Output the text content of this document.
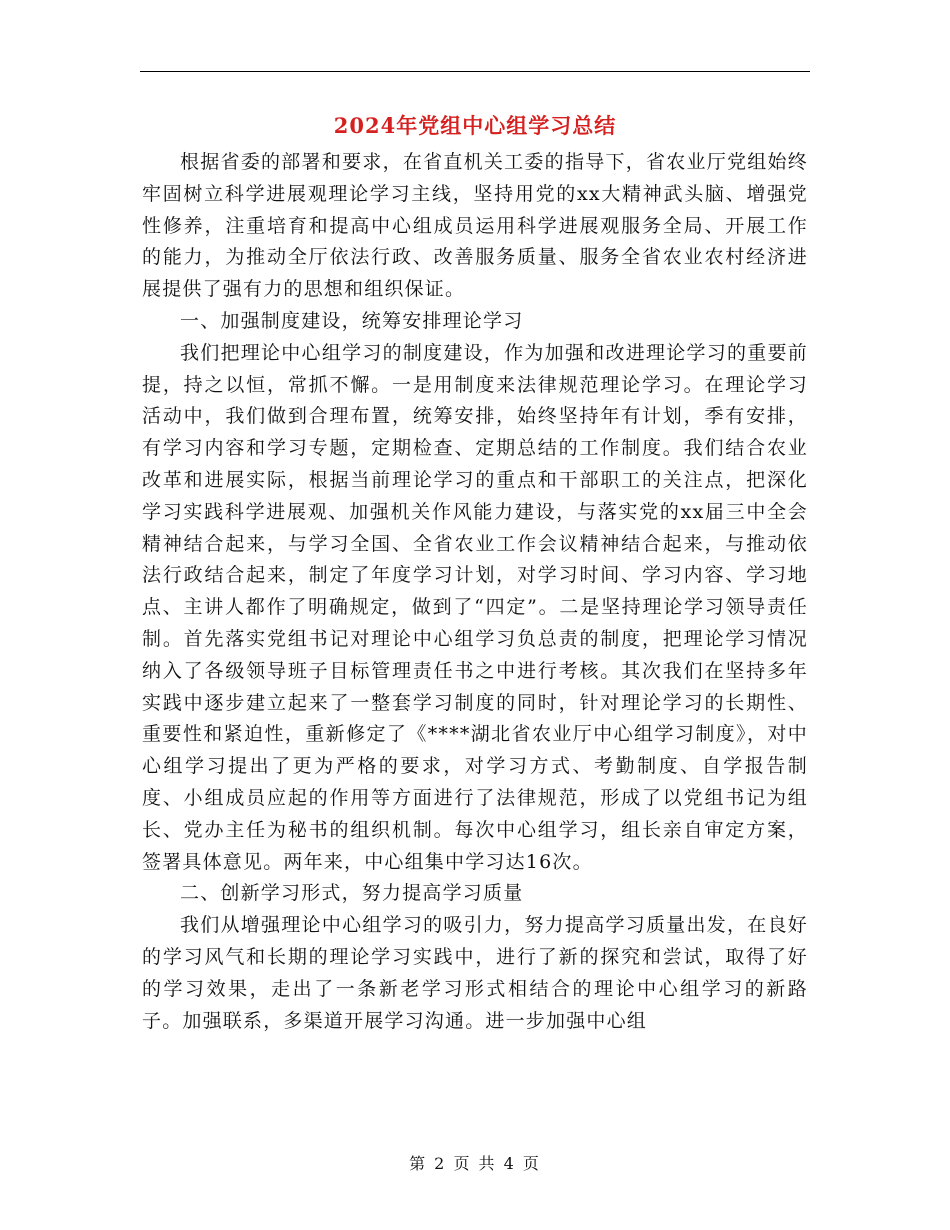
2024年党组中心组学习总结

根据省委的部署和要求，在省直机关工委的指导下，省农业厅党组始终牢固树立科学进展观理论学习主线，坚持用党的xx大精神武头脑、增强党性修养，注重培育和提高中心组成员运用科学进展观服务全局、开展工作的能力，为推动全厅依法行政、改善服务质量、服务全省农业农村经济进展提供了强有力的思想和组织保证。

一、加强制度建设，统筹安排理论学习

我们把理论中心组学习的制度建设，作为加强和改进理论学习的重要前提，持之以恒，常抓不懈。一是用制度来法律规范理论学习。在理论学习活动中，我们做到合理布置，统筹安排，始终坚持年有计划，季有安排，有学习内容和学习专题，定期检查、定期总结的工作制度。我们结合农业改革和进展实际，根据当前理论学习的重点和干部职工的关注点，把深化学习实践科学进展观、加强机关作风能力建设，与落实党的xx届三中全会精神结合起来，与学习全国、全省农业工作会议精神结合起来，与推动依法行政结合起来，制定了年度学习计划，对学习时间、学习内容、学习地点、主讲人都作了明确规定，做到了“四定”。二是坚持理论学习领导责任制。首先落实党组书记对理论中心组学习负总责的制度，把理论学习情况纳入了各级领导班子目标管理责任书之中进行考核。其次我们在坚持多年实践中逐步建立起来了一整套学习制度的同时，针对理论学习的长期性、重要性和紧迫性，重新修定了《****湖北省农业厅中心组学习制度》，对中心组学习提出了更为严格的要求，对学习方式、考勤制度、自学报告制度、小组成员应起的作用等方面进行了法律规范，形成了以党组书记为组长、党办主任为秘书的组织机制。每次中心组学习，组长亲自审定方案，签署具体意见。两年来，中心组集中学习达16次。

二、创新学习形式，努力提高学习质量

我们从增强理论中心组学习的吸引力，努力提高学习质量出发，在良好的学习风气和长期的理论学习实践中，进行了新的探究和尝试，取得了好的学习效果，走出了一条新老学习形式相结合的理论中心组学习的新路子。加强联系，多渠道开展学习沟通。进一步加强中心组

第 2 页 共 4 页
